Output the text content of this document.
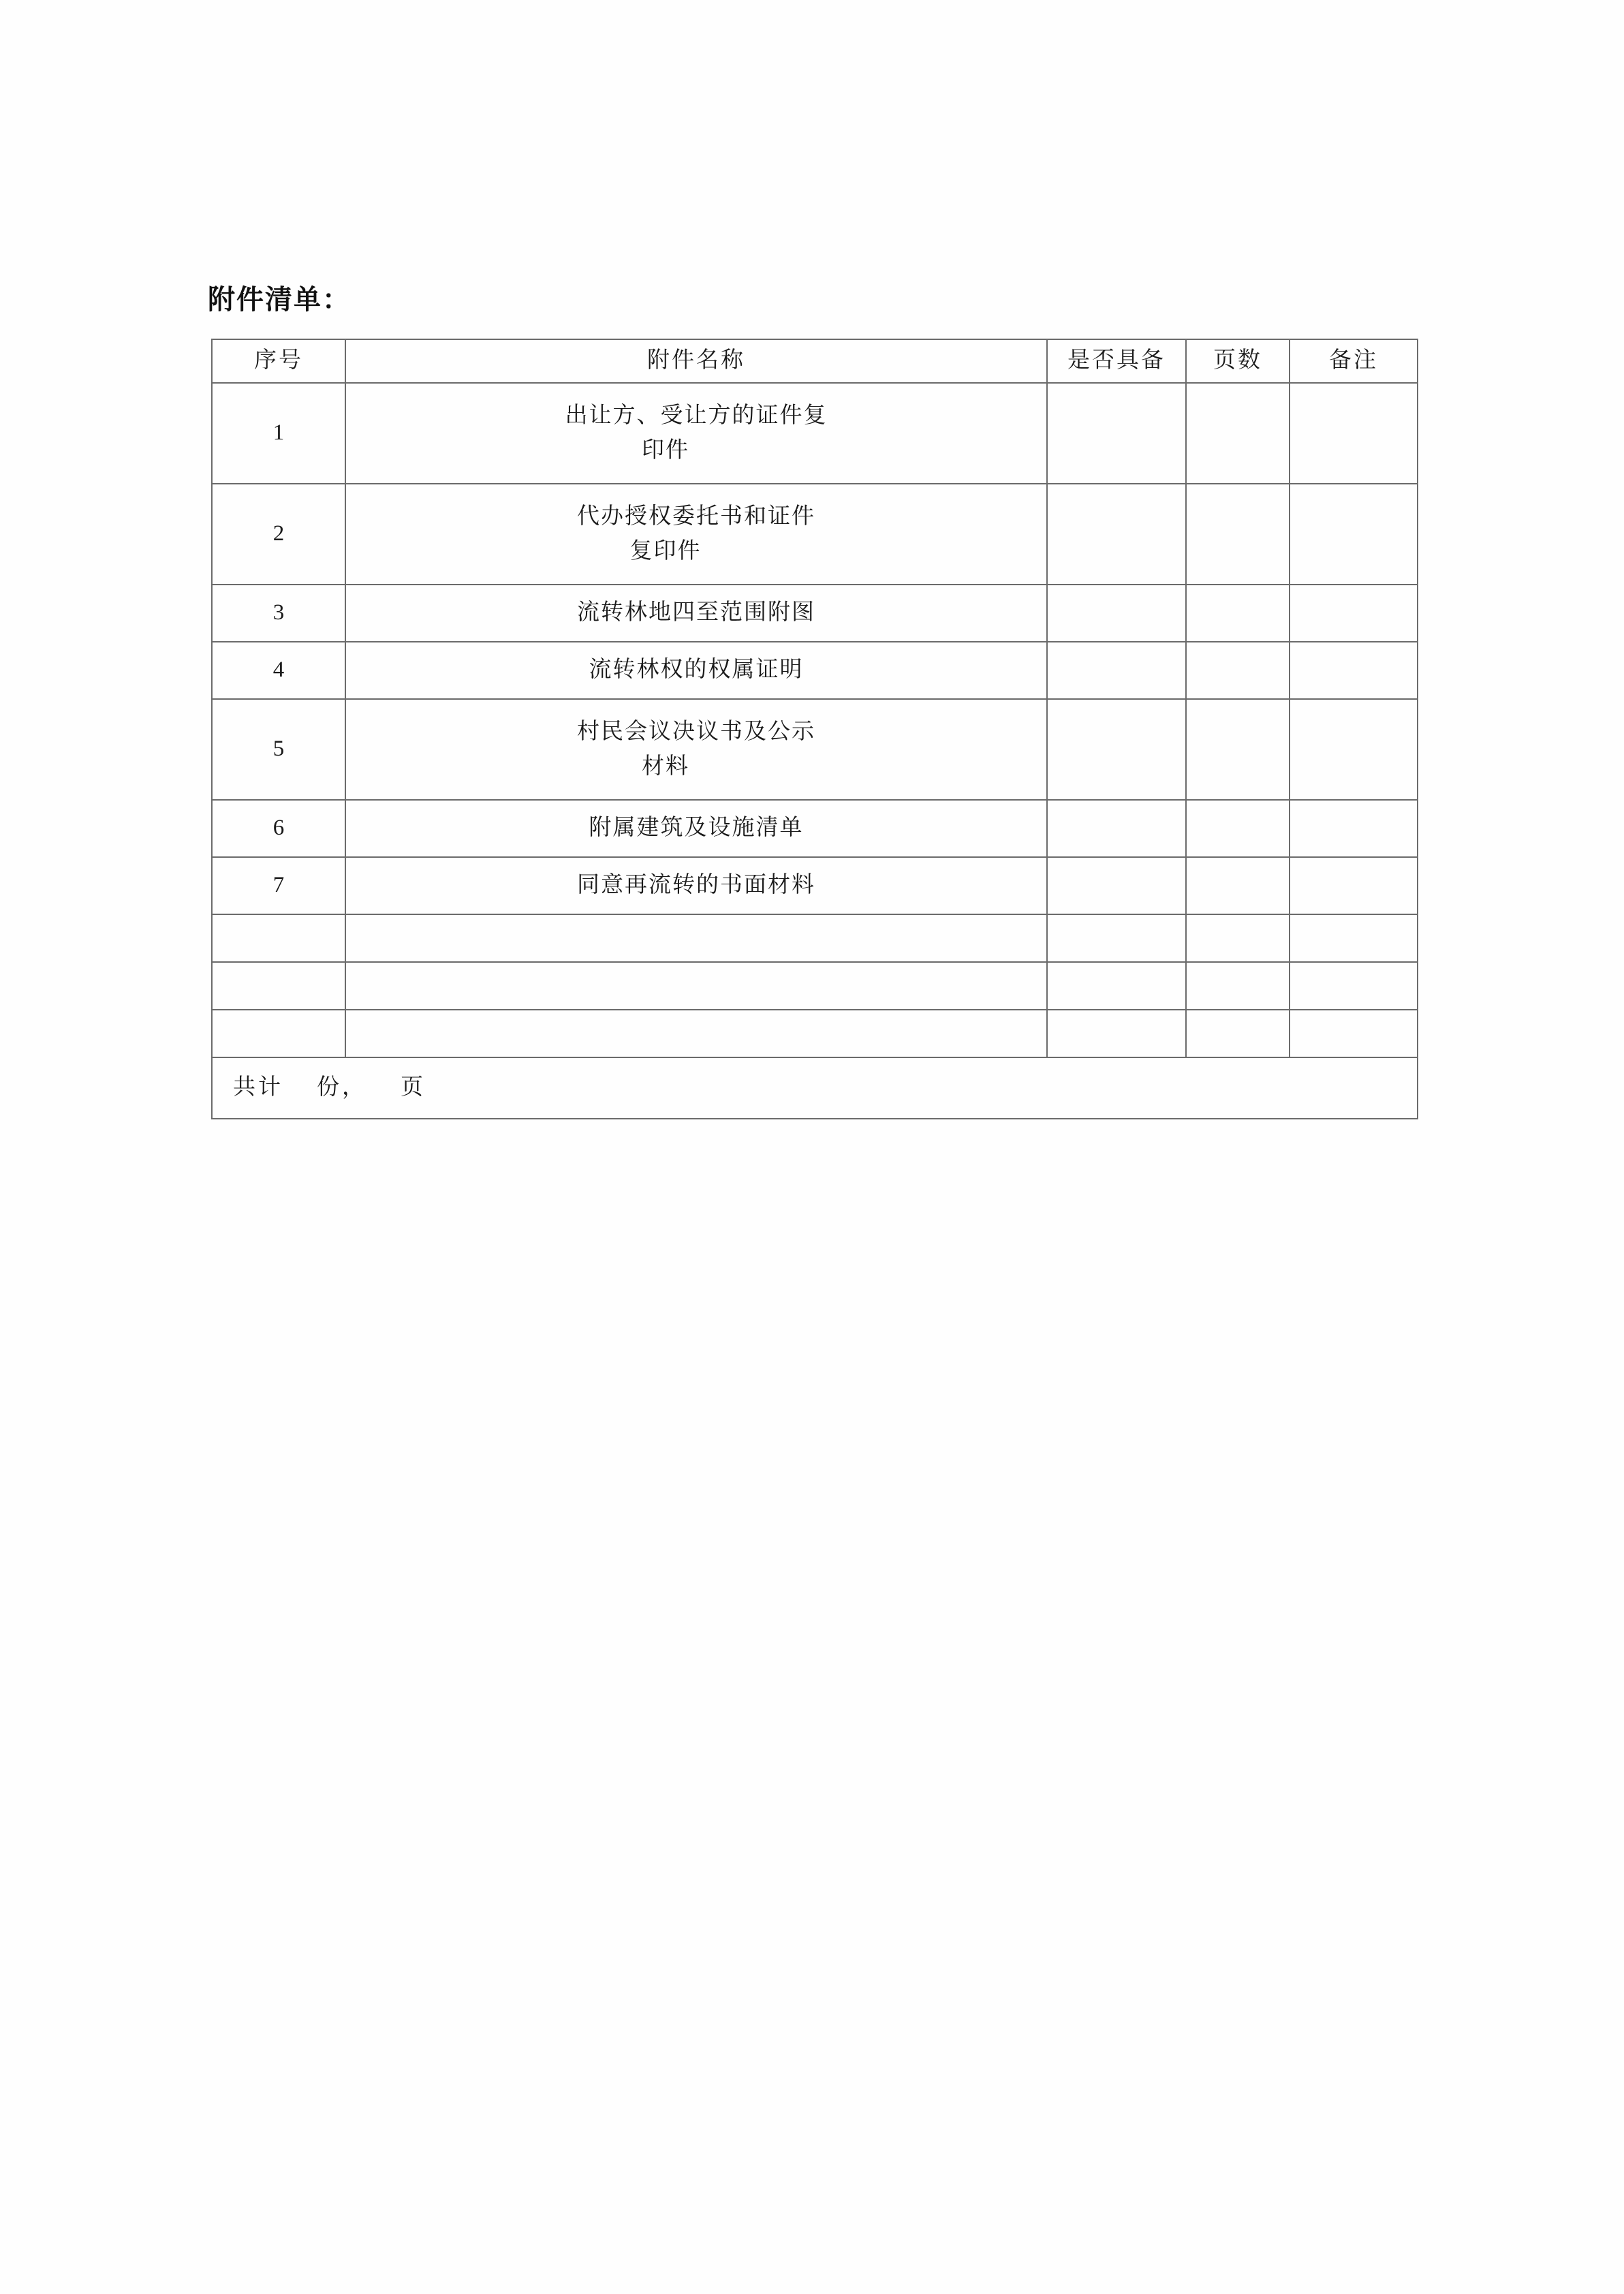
附件清单：
序号	附件名称	是否具备	页数	备注
1	出让方、受让方的证件复
印件			

2	代办授权委托书和证件
复印件			

3	流转林地四至范围附图			
4	流转林权的权属证明			
5	村民会议决议书及公示
材料			

6	附属建筑及设施清单			
7	同意再流转的书面材料			

共计    份，    页				
